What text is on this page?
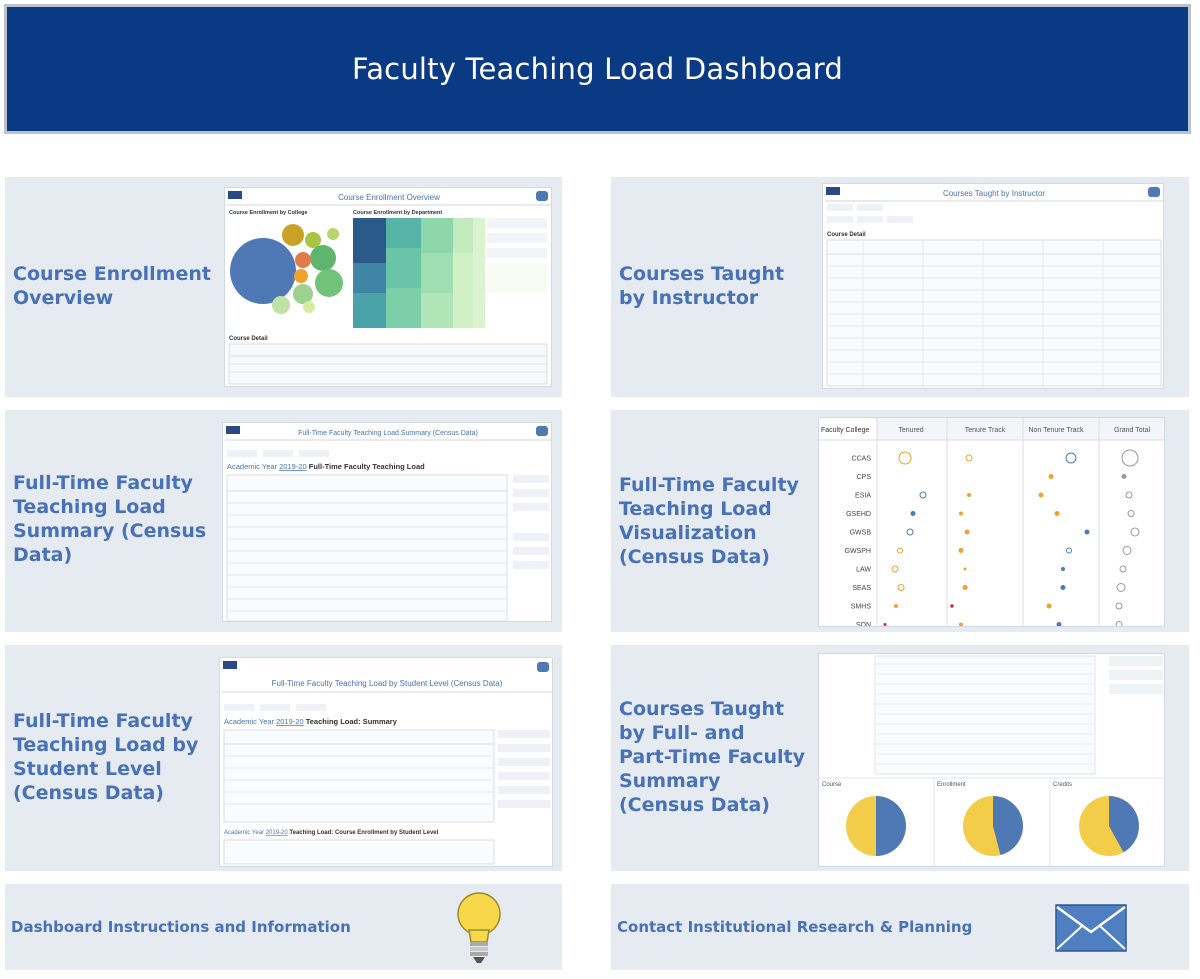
Faculty Teaching Load Dashboard
Course Enrollment
Overview
Course Enrollment Overview
Course Enrollment by College	Course Enrollment by Department
Course Detail
Courses Taught
by Instructor
Courses Taught by Instructor
Course Detail
Full-Time Faculty
Teaching Load
Summary (Census
Data)
Full-Time Faculty Teaching Load Summary (Census Data)
Academic Year 2019-20 Full-Time Faculty Teaching Load
Full-Time Faculty
Teaching Load
Visualization
(Census Data)
Faculty College	Tenured	Tenure Track	Non Tenure Track	Grand Total
CCAS
CPS
ESIA
GSEHD
GWSB
GWSPH
LAW
SEAS
SMHS
SON
Full-Time Faculty
Teaching Load by
Student Level
(Census Data)
Full-Time Faculty Teaching Load by Student Level (Census Data)
Academic Year 2019-20 Teaching Load: Summary
Academic Year 2019-20 Teaching Load: Course Enrollment by Student Level
Courses Taught
by Full- and
Part-Time Faculty
Summary
(Census Data)
Course	Enrollment	Credits
Dashboard Instructions and Information	Contact Institutional Research & Planning
